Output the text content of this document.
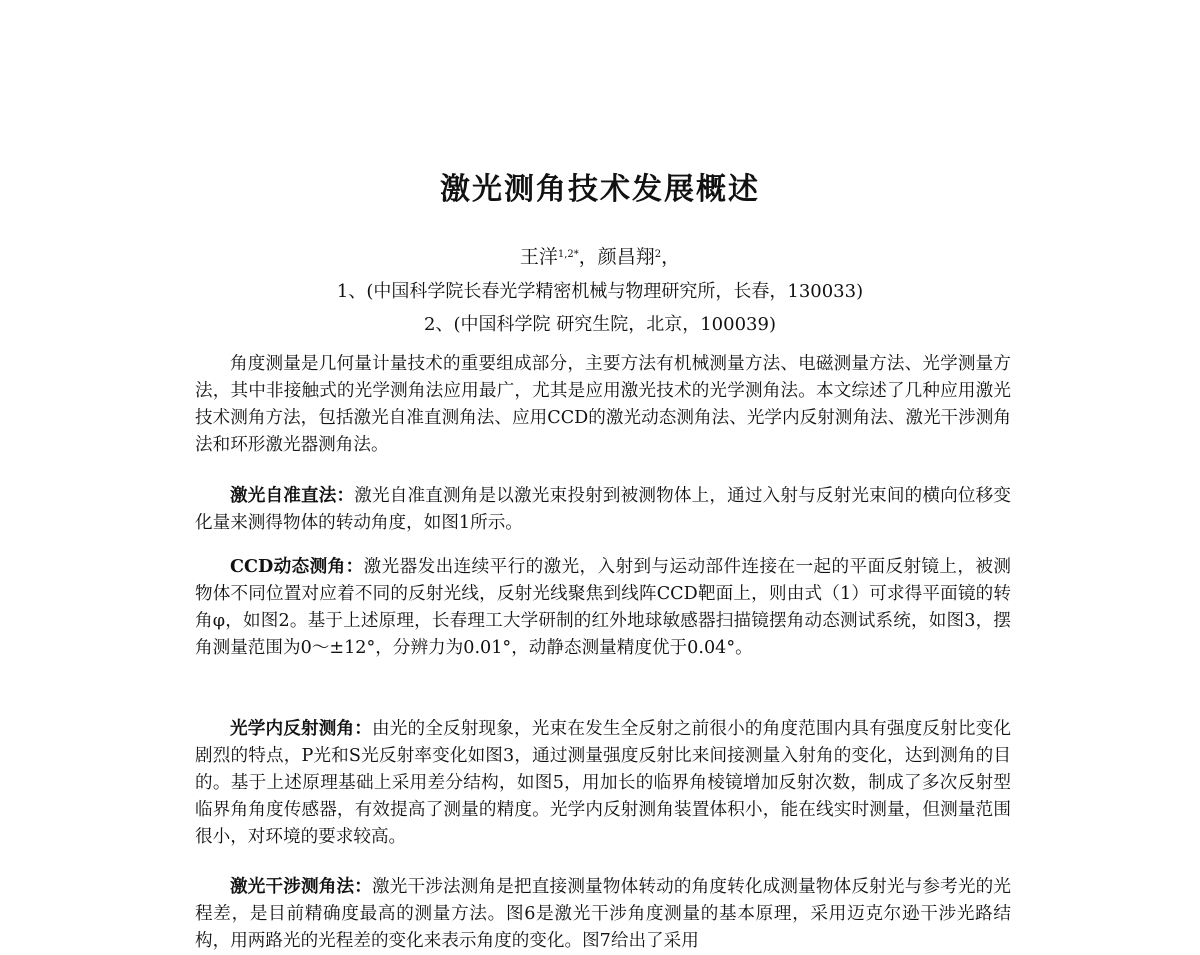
激光测角技术发展概述
王洋$^{1,2*}$，颜昌翔$^2$，
1、(中国科学院长春光学精密机械与物理研究所，长春，130033)
2、(中国科学院 研究生院，北京，100039)

角度测量是几何量计量技术的重要组成部分，主要方法有机械测量方法、电磁测量方法、光学测量方法，其中非接触式的光学测角法应用最广，尤其是应用激光技术的光学测角法。本文综述了几种应用激光技术测角方法，包括激光自准直测角法、应用CCD的激光动态测角法、光学内反射测角法、激光干涉测角法和环形激光器测角法。

激光自准直法：激光自准直测角是以激光束投射到被测物体上，通过入射与反射光束间的横向位移变化量来测得物体的转动角度，如图1所示。

CCD动态测角：激光器发出连续平行的激光，入射到与运动部件连接在一起的平面反射镜上，被测物体不同位置对应着不同的反射光线，反射光线聚焦到线阵CCD靶面上，则由式（1）可求得平面镜的转角φ，如图2。基于上述原理，长春理工大学研制的红外地球敏感器扫描镜摆角动态测试系统，如图3，摆角测量范围为0～±12°，分辨力为0.01°，动静态测量精度优于0.04°。

光学内反射测角：由光的全反射现象，光束在发生全反射之前很小的角度范围内具有强度反射比变化剧烈的特点，P光和S光反射率变化如图3，通过测量强度反射比来间接测量入射角的变化，达到测角的目的。基于上述原理基础上采用差分结构，如图5，用加长的临界角棱镜增加反射次数，制成了多次反射型临界角角度传感器，有效提高了测量的精度。光学内反射测角装置体积小，能在线实时测量，但测量范围很小，对环境的要求较高。

激光干涉测角法：激光干涉法测角是把直接测量物体转动的角度转化成测量物体反射光与参考光的光程差，是目前精确度最高的测量方法。图6是激光干涉角度测量的基本原理，采用迈克尔逊干涉光路结构，用两路光的光程差的变化来表示角度的变化。图7给出了采用
